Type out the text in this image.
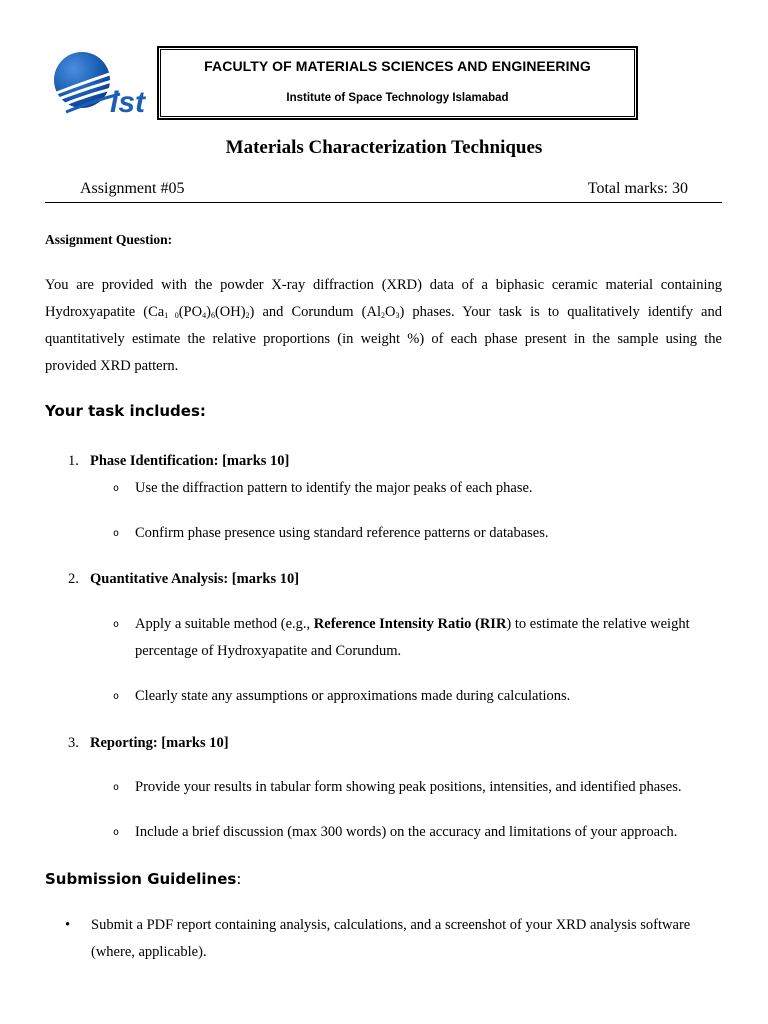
ist
FACULTY OF MATERIALS SCIENCES AND ENGINEERING
Institute of Space Technology Islamabad
Materials Characterization Techniques
Assignment #05	Total marks: 30
Assignment Question:
You are provided with the powder X-ray diffraction (XRD) data of a biphasic ceramic material containing
Hydroxyapatite $(Ca_{1 0}(PO_4)_6(OH)_2)$ and Corundum $(Al_2O_3)$ phases. Your task is to qualitatively identify and
quantitatively estimate the relative proportions (in weight %) of each phase present in the sample using the
provided XRD pattern.
Your task includes:
1. Phase Identification: [marks 10]
o Use the diffraction pattern to identify the major peaks of each phase.
o Confirm phase presence using standard reference patterns or databases.
2. Quantitative Analysis: [marks 10]
o Apply a suitable method (e.g., Reference Intensity Ratio (RIR) to estimate the relative weight
percentage of Hydroxyapatite and Corundum.
o Clearly state any assumptions or approximations made during calculations.
3. Reporting: [marks 10]
o Provide your results in tabular form showing peak positions, intensities, and identified phases.
o Include a brief discussion (max 300 words) on the accuracy and limitations of your approach.
Submission Guidelines:
• Submit a PDF report containing analysis, calculations, and a screenshot of your XRD analysis software
(where, applicable).
